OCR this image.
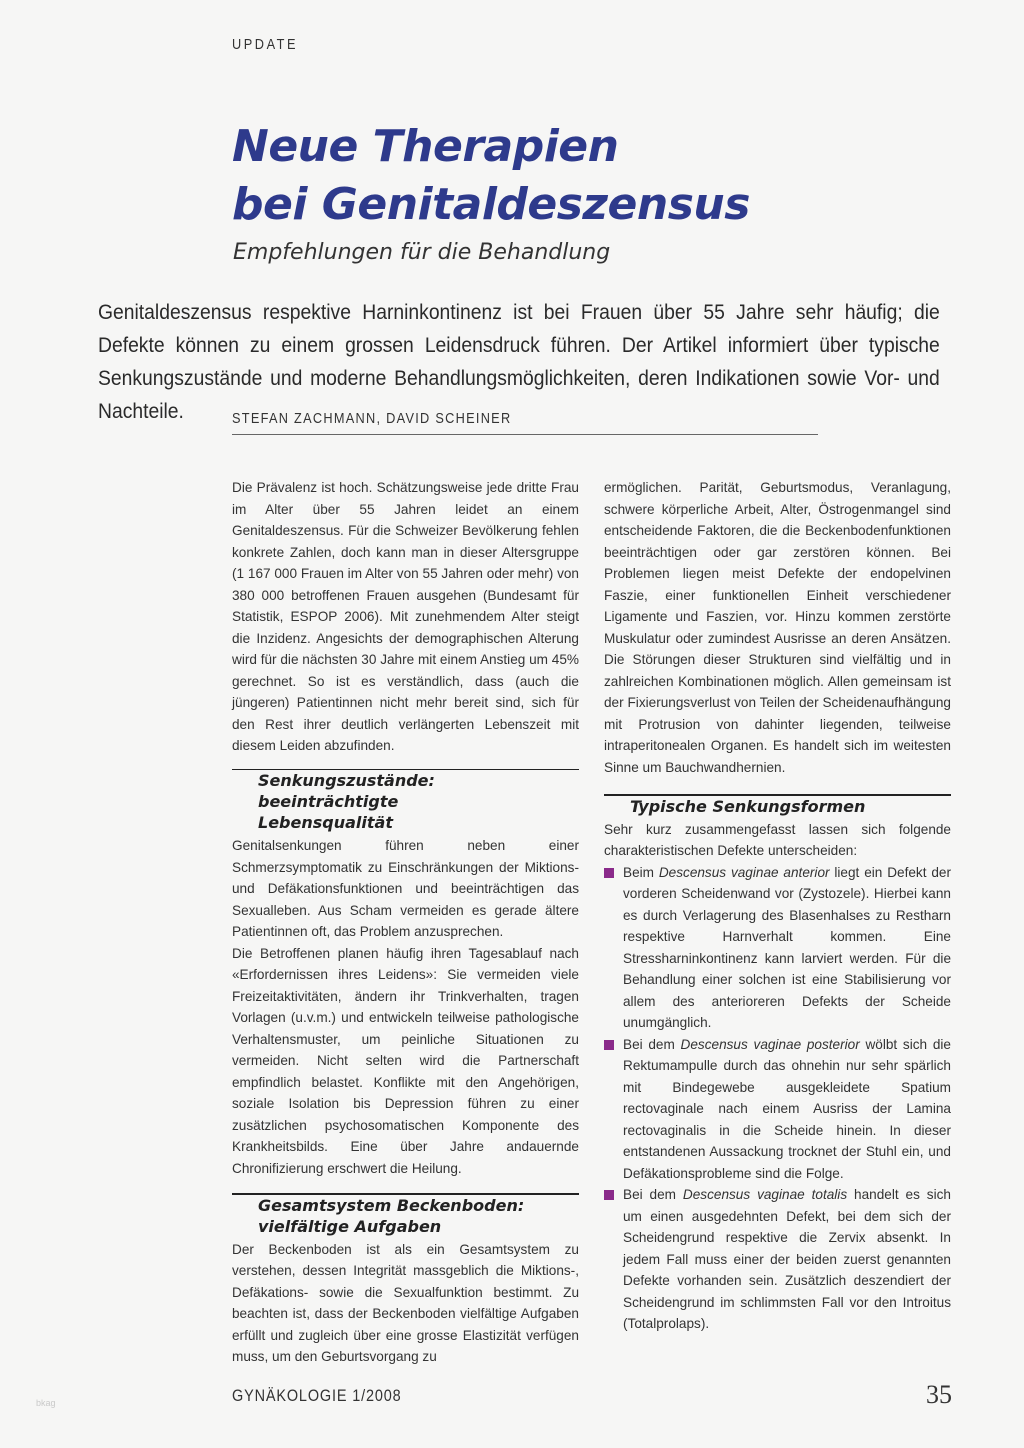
UPDATE
Neue Therapien
bei Genitaldeszensus

Empfehlungen für die Behandlung

Genitaldeszensus respektive Harninkontinenz ist bei Frauen über 55 Jahre sehr häufig; die Defekte können zu einem grossen Leidensdruck führen. Der Artikel informiert über typische Senkungszustände und moderne Behandlungsmöglichkeiten, deren Indikationen sowie Vor- und Nachteile.	STEFAN ZACHMANN, DAVID SCHEINER

Die Prävalenz ist hoch. Schätzungsweise jede dritte Frau im Alter über 55 Jahren leidet an einem Genitaldeszensus. Für die Schweizer Bevölkerung fehlen konkrete Zahlen, doch kann man in dieser Altersgruppe (1 167 000 Frauen im Alter von 55 Jahren oder mehr) von 380 000 betroffenen Frauen ausgehen (Bundesamt für Statistik, ESPOP 2006). Mit zunehmendem Alter steigt die Inzidenz. Angesichts der demographischen Alterung wird für die nächsten 30 Jahre mit einem Anstieg um 45% gerechnet. So ist es verständlich, dass (auch die jüngeren) Patientinnen nicht mehr bereit sind, sich für den Rest ihrer deutlich verlängerten Lebenszeit mit diesem Leiden abzufinden.

Senkungszustände: beeinträchtigte
Lebensqualität

Genitalsenkungen führen neben einer Schmerzsymptomatik zu Einschränkungen der Miktions- und Defäkationsfunktionen und beeinträchtigen das Sexualleben. Aus Scham vermeiden es gerade ältere Patientinnen oft, das Problem anzusprechen.

Die Betroffenen planen häufig ihren Tagesablauf nach «Erfordernissen ihres Leidens»: Sie vermeiden viele Freizeitaktivitäten, ändern ihr Trinkverhalten, tragen Vorlagen (u.v.m.) und entwickeln teilweise pathologische Verhaltensmuster, um peinliche Situationen zu vermeiden. Nicht selten wird die Partnerschaft empfindlich belastet. Konflikte mit den Angehörigen, soziale Isolation bis Depression führen zu einer zusätzlichen psychosomatischen Komponente des Krankheitsbilds. Eine über Jahre andauernde Chronifizierung erschwert die Heilung.

Gesamtsystem Beckenboden:
vielfältige Aufgaben

Der Beckenboden ist als ein Gesamtsystem zu verstehen, dessen Integrität massgeblich die Miktions-, Defäkations- sowie die Sexualfunktion bestimmt. Zu beachten ist, dass der Beckenboden vielfältige Aufgaben erfüllt und zugleich über eine grosse Elastizität verfügen muss, um den Geburtsvorgang zu

ermöglichen. Parität, Geburtsmodus, Veranlagung, schwere körperliche Arbeit, Alter, Östrogenmangel sind entscheidende Faktoren, die die Beckenbodenfunktionen beeinträchtigen oder gar zerstören können. Bei Problemen liegen meist Defekte der endopelvinen Faszie, einer funktionellen Einheit verschiedener Ligamente und Faszien, vor. Hinzu kommen zerstörte Muskulatur oder zumindest Ausrisse an deren Ansätzen. Die Störungen dieser Strukturen sind vielfältig und in zahlreichen Kombinationen möglich. Allen gemeinsam ist der Fixierungsverlust von Teilen der Scheidenaufhängung mit Protrusion von dahinter liegenden, teilweise intraperitonealen Organen. Es handelt sich im weitesten Sinne um Bauchwandhernien.

Typische Senkungsformen

Sehr kurz zusammengefasst lassen sich folgende charakteristischen Defekte unterscheiden:

Beim Descensus vaginae anterior liegt ein Defekt der vorderen Scheidenwand vor (Zystozele). Hierbei kann es durch Verlagerung des Blasenhalses zu Restharn respektive Harnverhalt kommen. Eine Stressharninkontinenz kann larviert werden. Für die Behandlung einer solchen ist eine Stabilisierung vor allem des anterioreren Defekts der Scheide unumgänglich.
Bei dem Descensus vaginae posterior wölbt sich die Rektumampulle durch das ohnehin nur sehr spärlich mit Bindegewebe ausgekleidete Spatium rectovaginale nach einem Ausriss der Lamina rectovaginalis in die Scheide hinein. In dieser entstandenen Aussackung trocknet der Stuhl ein, und Defäkationsprobleme sind die Folge.
Bei dem Descensus vaginae totalis handelt es sich um einen ausgedehnten Defekt, bei dem sich der Scheidengrund respektive die Zervix absenkt. In jedem Fall muss einer der beiden zuerst genannten Defekte vorhanden sein. Zusätzlich deszendiert der Scheidengrund im schlimmsten Fall vor den Introitus (Totalprolaps).
bkag	GYNÄKOLOGIE 1/2008	35
